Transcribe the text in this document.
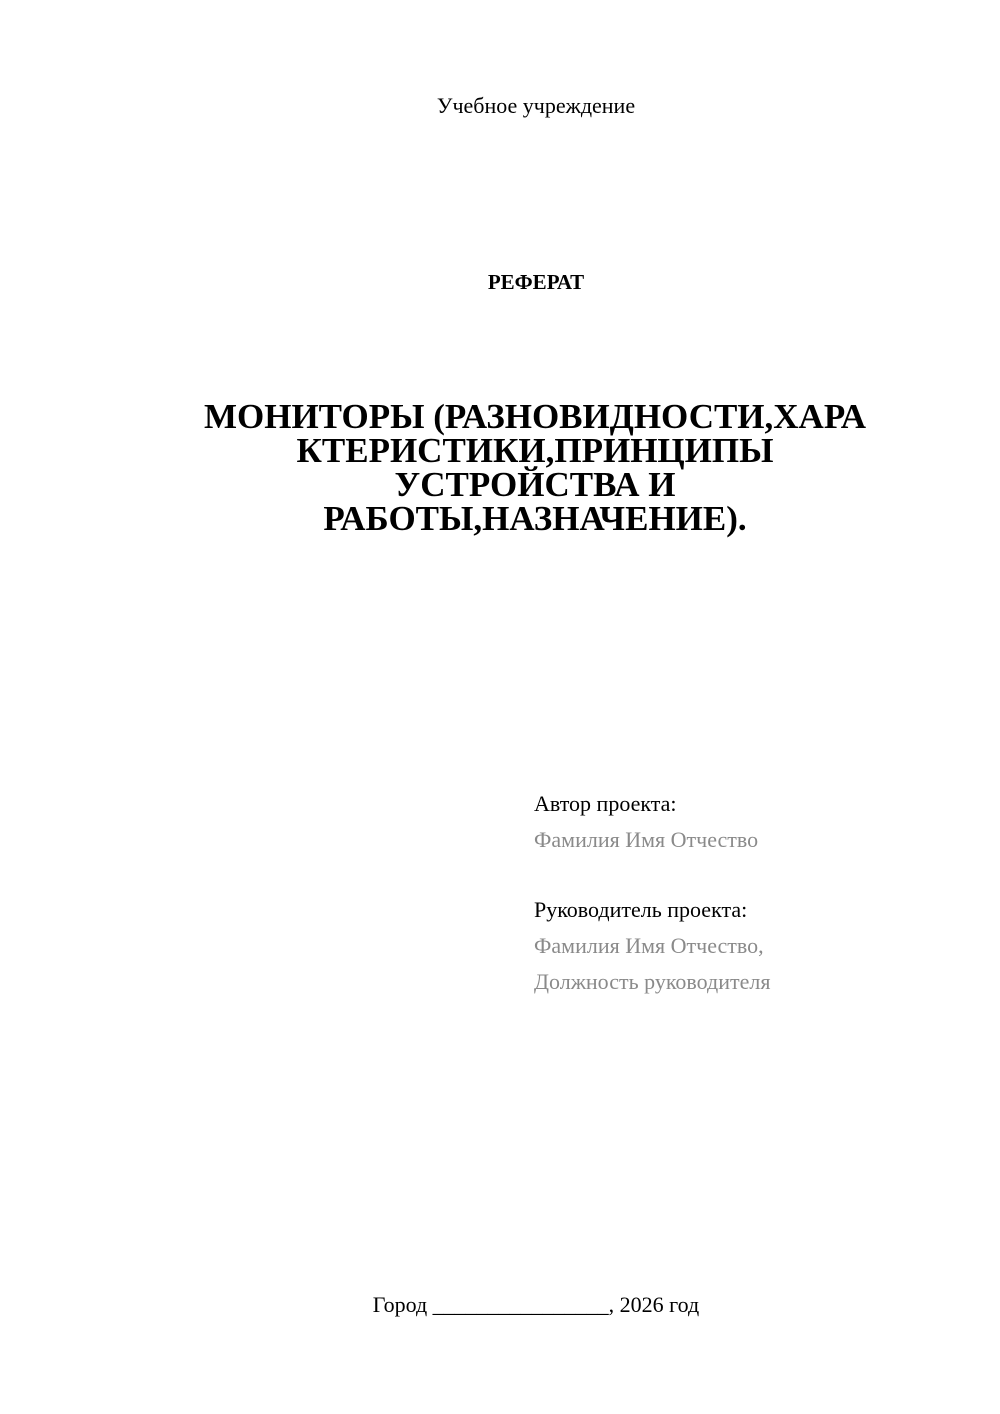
Учебное учреждение
РЕФЕРАТ
МОНИТОРЫ (РАЗНОВИДНОСТИ,ХАРА
КТЕРИСТИКИ,ПРИНЦИПЫ
УСТРОЙСТВА И
РАБОТЫ,НАЗНАЧЕНИЕ).
Автор проекта:
Фамилия Имя Отчество
Руководитель проекта:
Фамилия Имя Отчество,
Должность руководителя
Город ________________, 2026 год
